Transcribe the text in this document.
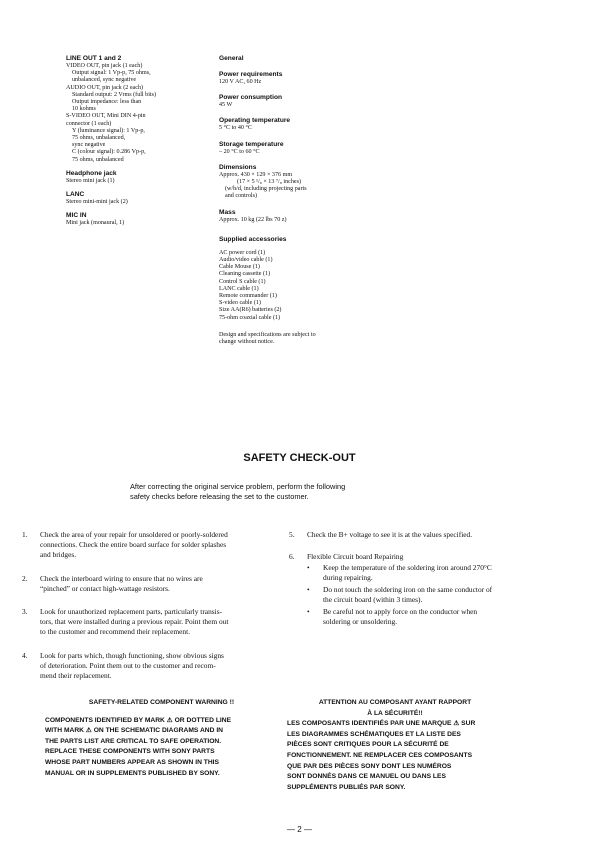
LINE OUT 1 and 2
VIDEO OUT, pin jack (1 each)
Output signal: 1 Vp-p, 75 ohms,
unbalanced, sync negative
AUDIO OUT, pin jack (2 each)
Standard output: 2 Vrms (full bits)
Output impedance: less than
10 kohms
S-VIDEO OUT, Mini DIN 4-pin
connector (1 each)
Y (luminance signal): 1 Vp-p,
75 ohms, unbalanced,
sync negative
C (colour signal): 0.286 Vp-p,
75 ohms, unbalanced
Headphone jack
Stereo mini jack (1)
LANC
Stereo mini-mini jack (2)
MIC IN
Mini jack (monaural, 1)
General
Power requirements
120 V AC, 60 Hz
Power consumption
45 W
Operating temperature
5 °C to 40 °C
Storage temperature
– 20 °C to 60 °C
Dimensions
Approx. 430 × 129 × 376 mm
(17 × 5 ¹/₈ × 13 ⁷/₈ inches)
(w/h/d, including projecting parts
and controls)
Mass
Approx. 10 kg (22 lbs 70 z)
Supplied accessories
AC power cord (1)
Audio/video cable (1)
Cable Mouse (1)
Cleaning cassette (1)
Control S cable (1)
LANC cable (1)
Remote commander (1)
S-video cable (1)
Size AA(R6) batteries (2)
75-ohm coaxial cable (1)
Design and specifications are subject to
change without notice.
SAFETY CHECK-OUT
After correcting the original service problem, perform the following
safety checks before releasing the set to the customer.
1. Check the area of your repair for unsoldered or poorly-soldered
connections. Check the entire board surface for solder splashes
and bridges.
2. Check the interboard wiring to ensure that no wires are
“pinched” or contact high-wattage resistors.
3. Look for unauthorized replacement parts, particularly transis-
tors, that were installed during a previous repair. Point them out
to the customer and recommend their replacement.
4. Look for parts which, though functioning, show obvious signs
of deterioration. Point them out to the customer and recom-
mend their replacement.
5. Check the B+ voltage to see it is at the values specified.
6. Flexible Circuit board Repairing
• Keep the temperature of the soldering iron around 270°C
during repairing.
• Do not touch the soldering iron on the same conductor of
the circuit board (within 3 times).
• Be careful not to apply force on the conductor when
soldering or unsoldering.
SAFETY-RELATED COMPONENT WARNING !!
COMPONENTS IDENTIFIED BY MARK ⚠ OR DOTTED LINE
WITH MARK ⚠ ON THE SCHEMATIC DIAGRAMS AND IN
THE PARTS LIST ARE CRITICAL TO SAFE OPERATION.
REPLACE THESE COMPONENTS WITH SONY PARTS
WHOSE PART NUMBERS APPEAR AS SHOWN IN THIS
MANUAL OR IN SUPPLEMENTS PUBLISHED BY SONY.
ATTENTION AU COMPOSANT AYANT RAPPORT
À LA SÉCURITÉ!!
LES COMPOSANTS IDENTIFIÉS PAR UNE MARQUE ⚠ SUR
LES DIAGRAMMES SCHÉMATIQUES ET LA LISTE DES
PIÈCES SONT CRITIQUES POUR LA SÉCURITÉ DE
FONCTIONNEMENT. NE REMPLACER CES COMPOSANTS
QUE PAR DES PIÈCES SONY DONT LES NUMÉROS
SONT DONNÉS DANS CE MANUEL OU DANS LES
SUPPLÉMENTS PUBLIÉS PAR SONY.
— 2 —
